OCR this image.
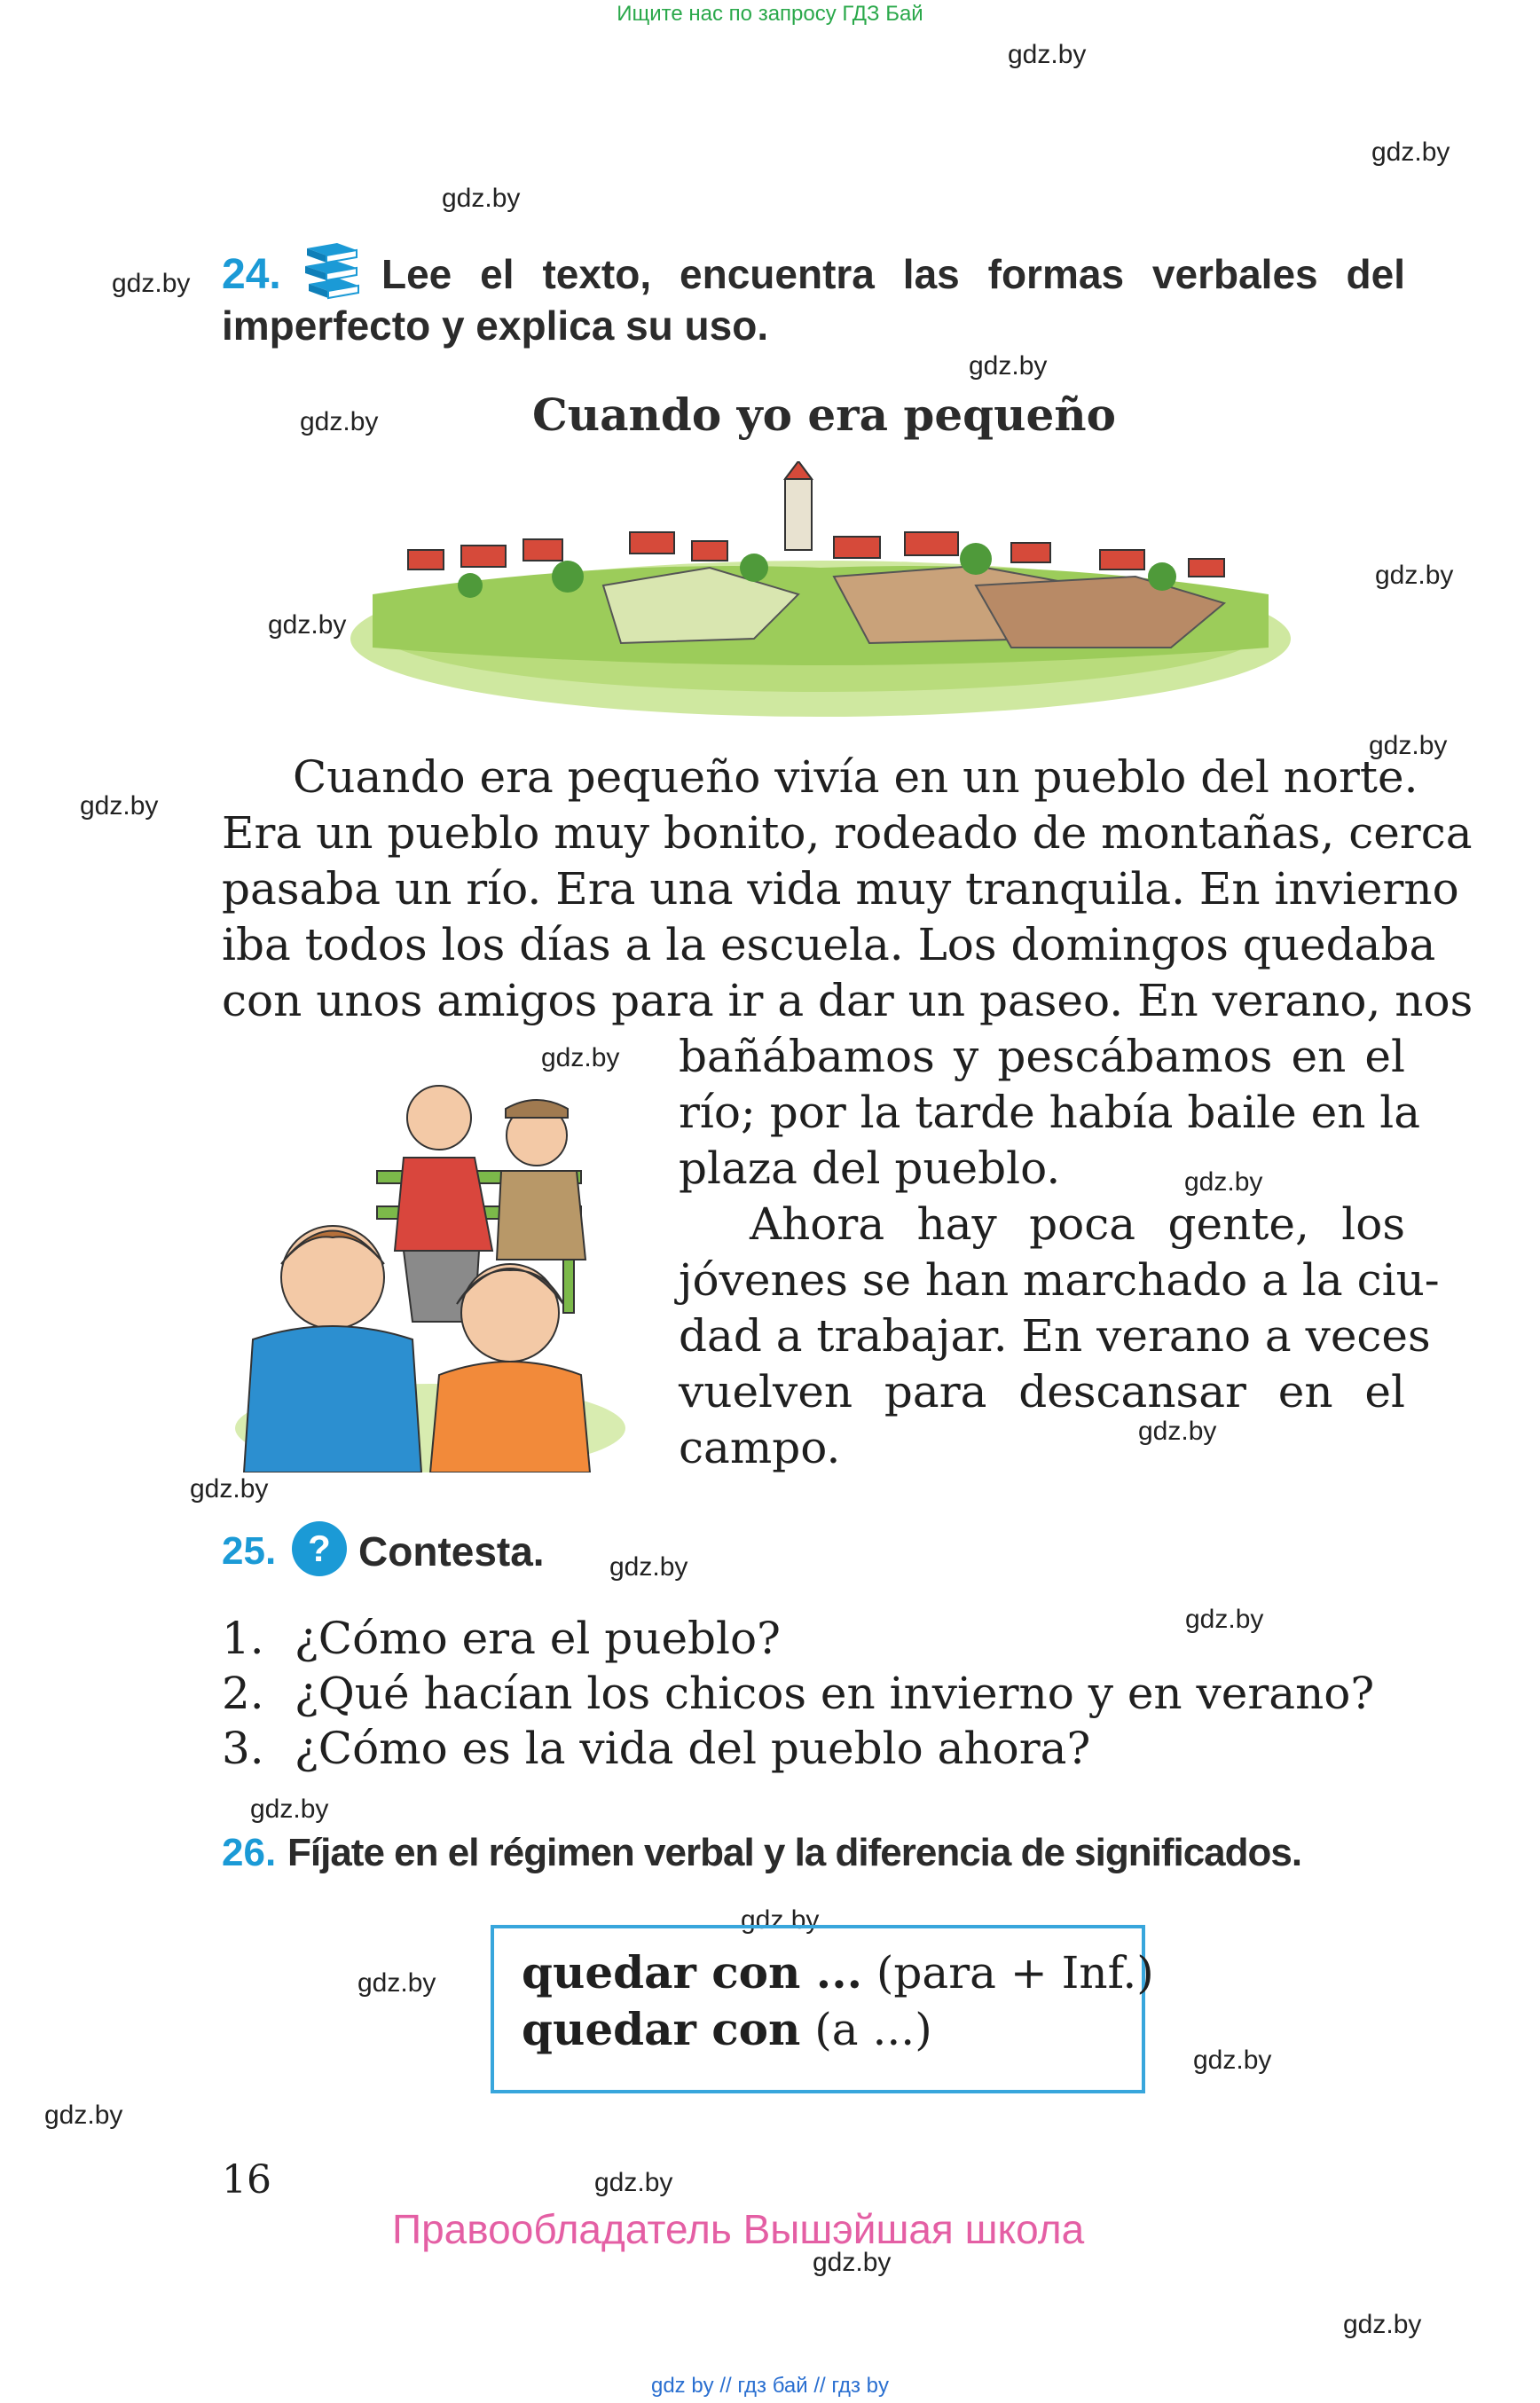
Ищите нас по запросу ГДЗ Бай
gdz.by
gdz.by
gdz.by
gdz.by
gdz.by
gdz.by
gdz.by
gdz.by
gdz.by
gdz.by
gdz.by
gdz.by
gdz.by
gdz.by
gdz.by
gdz.by
gdz.by
gdz.by
gdz.by
gdz.by
gdz.by
gdz.by
gdz.by
gdz.by
24. Lee el texto, encuentra las formas verbales del
imperfecto y explica su uso.
Cuando yo era pequeño
Cuando era pequeño vivía en un pueblo del norte.
Era un pueblo muy bonito, rodeado de montañas, cerca
pasaba un río. Era una vida muy tranquila. En invierno
iba todos los días a la escuela. Los domingos quedaba
con unos amigos para ir a dar un paseo. En verano, nos
bañábamos y pescábamos en el
río; por la tarde había baile en la
plaza del pueblo.
Ahora hay poca gente, los
jóvenes se han marchado a la ciu-
dad a trabajar. En verano a veces
vuelven para descansar en el
campo.
25. ? Contesta.
1. ¿Cómo era el pueblo?
2. ¿Qué hacían los chicos en invierno y en verano?
3. ¿Cómo es la vida del pueblo ahora?
26. Fíjate en el régimen verbal y la diferencia de significados.
quedar con ... (para + Inf.)
quedar con (a ...)
16
Правообладатель Вышэйшая школа
gdz by // гдз бай // гдз by
